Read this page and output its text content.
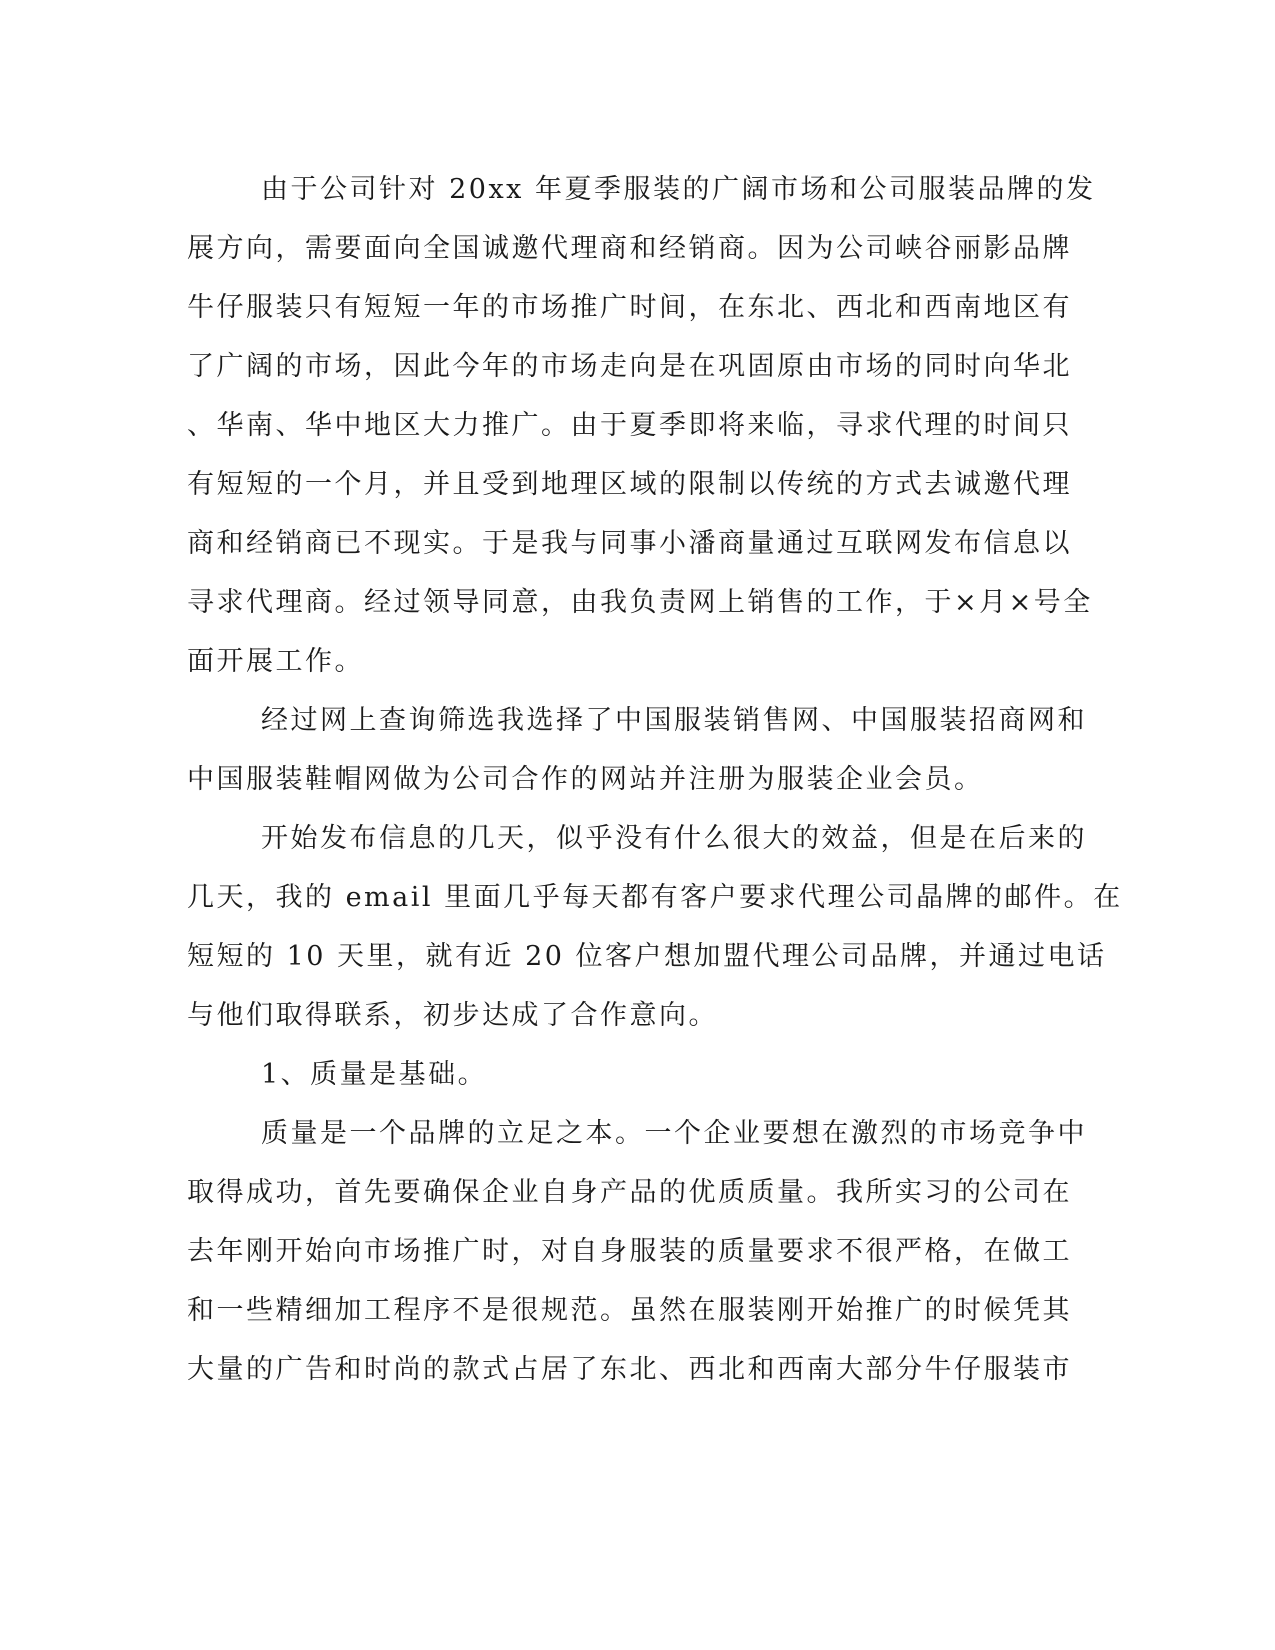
由于公司针对 20xx 年夏季服装的广阔市场和公司服装品牌的发
展方向，需要面向全国诚邀代理商和经销商。因为公司峡谷丽影品牌
牛仔服装只有短短一年的市场推广时间，在东北、西北和西南地区有
了广阔的市场，因此今年的市场走向是在巩固原由市场的同时向华北
、华南、华中地区大力推广。由于夏季即将来临，寻求代理的时间只
有短短的一个月，并且受到地理区域的限制以传统的方式去诚邀代理
商和经销商已不现实。于是我与同事小潘商量通过互联网发布信息以
寻求代理商。经过领导同意，由我负责网上销售的工作，于×月×号全
面开展工作。
经过网上查询筛选我选择了中国服装销售网、中国服装招商网和
中国服装鞋帽网做为公司合作的网站并注册为服装企业会员。
开始发布信息的几天，似乎没有什么很大的效益，但是在后来的
几天，我的 email 里面几乎每天都有客户要求代理公司晶牌的邮件。在
短短的 10 天里，就有近 20 位客户想加盟代理公司品牌，并通过电话
与他们取得联系，初步达成了合作意向。
1、质量是基础。
质量是一个品牌的立足之本。一个企业要想在激烈的市场竞争中
取得成功，首先要确保企业自身产品的优质质量。我所实习的公司在
去年刚开始向市场推广时，对自身服装的质量要求不很严格，在做工
和一些精细加工程序不是很规范。虽然在服装刚开始推广的时候凭其
大量的广告和时尚的款式占居了东北、西北和西南大部分牛仔服装市
